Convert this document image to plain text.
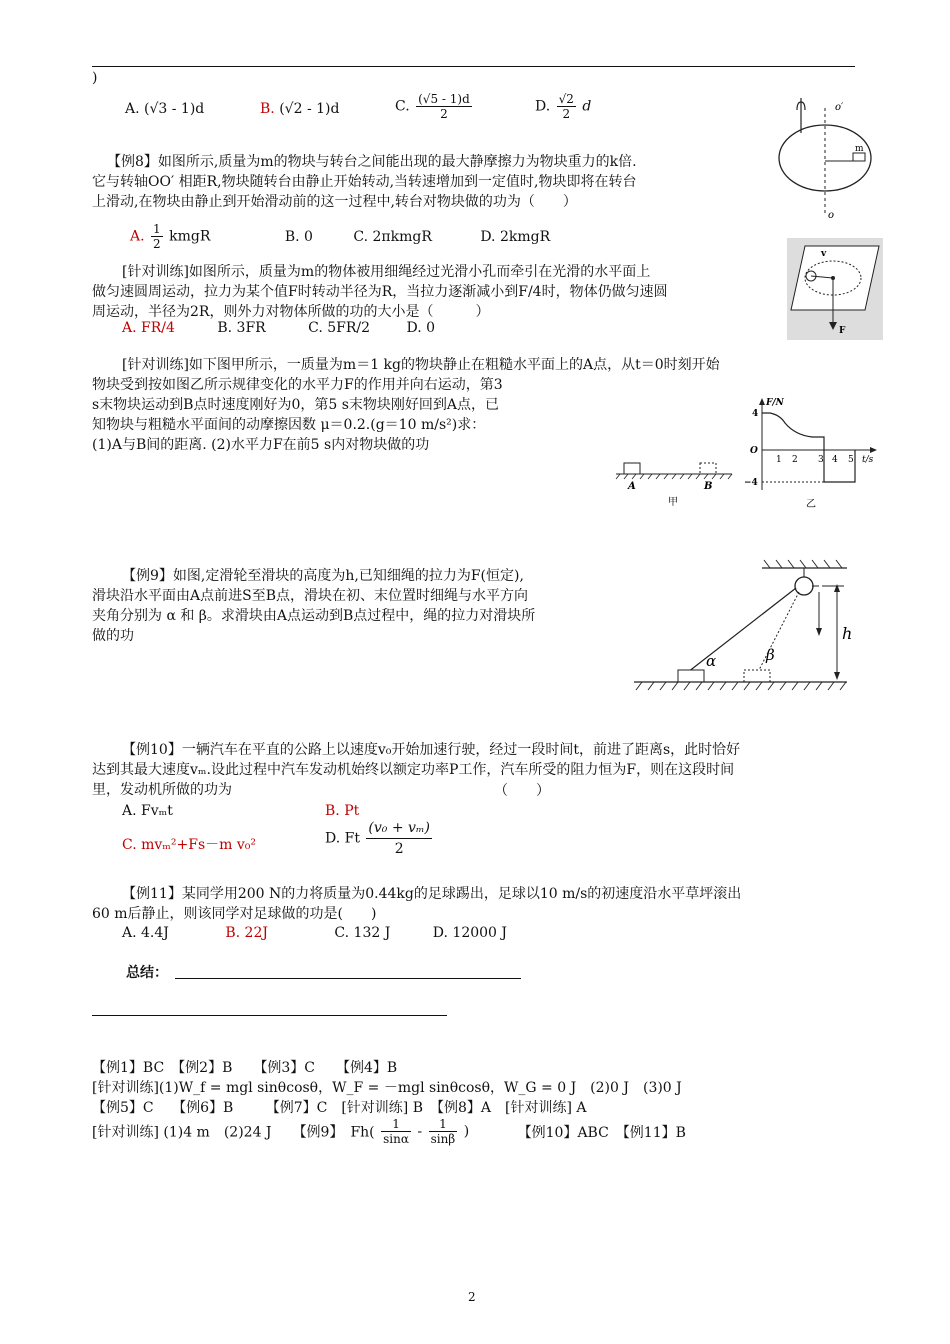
)
A. (√3 - 1)d	B. (√2 - 1)d	C. $\frac{(√5 - 1)d}{2}$	D. $\frac{√2}{2}$ d
【例8】如图所示,质量为m的物块与转台之间能出现的最大静摩擦力为物块重力的k倍.
它与转轴OO′ 相距R,物块随转台由静止开始转动,当转速增加到一定值时,物块即将在转台
上滑动,在物块由静止到开始滑动前的这一过程中,转台对物块做的功为（　　）
A. $\frac{1}{2}$ kmgR	B. 0	C. 2πkmgR	D. 2kmgR
o′
m
o
[针对训练]如图所示，质量为m的物体被用细绳经过光滑小孔而牵引在光滑的水平面上
做匀速圆周运动，拉力为某个值F时转动半径为R，当拉力逐渐减小到F/4时，物体仍做匀速圆
周运动，半径为2R，则外力对物体所做的功的大小是（　　　）
A. FR/4	B. 3FR	C. 5FR/2	D. 0
v
F
[针对训练]如下图甲所示，一质量为m＝1 kg的物块静止在粗糙水平面上的A点，从t＝0时刻开始
物块受到按如图乙所示规律变化的水平力F的作用并向右运动，第3
s末物块运动到B点时速度刚好为0，第5 s末物块刚好回到A点，已
知物块与粗糙水平面间的动摩擦因数 μ＝0.2.(g＝10 m/s²)求：
(1)A与B间的距离. (2)水平力F在前5 s内对物块做的功
A	B
甲
F/N
4
O
−4
1 2 3 4 5 t/s
乙
【例9】如图,定滑轮至滑块的高度为h,已知细绳的拉力为F(恒定),
滑块沿水平面由A点前进S至B点，滑块在初、末位置时细绳与水平方向
夹角分别为 α 和 β。求滑块由A点运动到B点过程中，绳的拉力对滑块所
做的功
α	β
h
【例10】一辆汽车在平直的公路上以速度v₀开始加速行驶，经过一段时间t，前进了距离s，此时恰好
达到其最大速度vₘ.设此过程中汽车发动机始终以额定功率P工作，汽车所受的阻力恒为F，则在这段时间
里，发动机所做的功为	（　　）
A. Fvₘt	B. Pt
C. mvₘ²+Fs－m v₀²	D. Ft $\frac{\text{(v₀ + vₘ)}}{2}$
【例11】某同学用200 N的力将质量为0.44kg的足球踢出，足球以10 m/s的初速度沿水平草坪滚出
60 m后静止，则该同学对足球做的功是(　　)
A. 4.4J	B. 22J	C. 132 J	D. 12000 J
总结：
【例1】BC　【例2】B　　【例3】C　　【例4】B
[针对训练](1)W_f = mgl sinθcosθ，W_F = －mgl sinθcosθ，W_G = 0 J　(2)0 J　(3)0 J
【例5】C　 【例6】B　　 【例7】C　[针对训练] B　【例8】A　[针对训练] A
[针对训练] (1)4 m　(2)24 J　　【例9】　$Fh( \frac{1}{\sin\alpha} - \frac{1}{\sin\beta}$ )	【例10】ABC　【例11】B
2
